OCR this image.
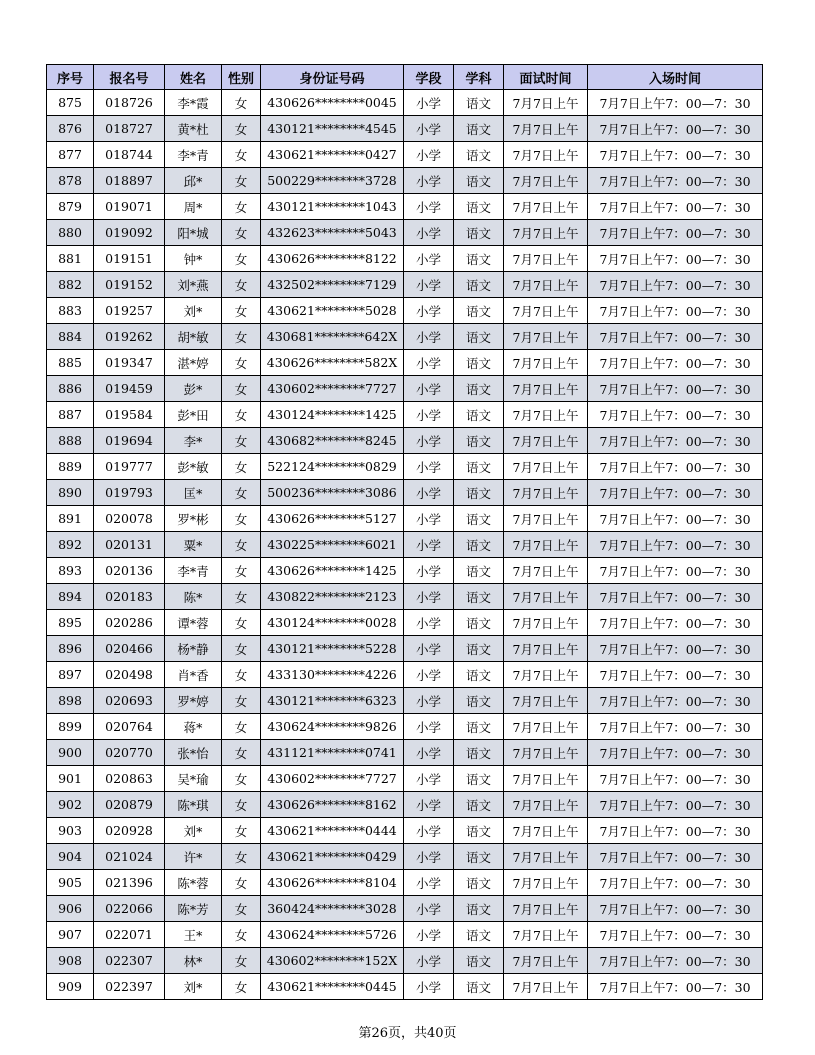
序号	报名号	姓名	性别	身份证号码	学段	学科	面试时间	入场时间
875	018726	李*霞	女	430626********0045	小学	语文	7月7日上午	7月7日上午7：00—7：30
876	018727	黄*杜	女	430121********4545	小学	语文	7月7日上午	7月7日上午7：00—7：30
877	018744	李*青	女	430621********0427	小学	语文	7月7日上午	7月7日上午7：00—7：30
878	018897	邱*	女	500229********3728	小学	语文	7月7日上午	7月7日上午7：00—7：30
879	019071	周*	女	430121********1043	小学	语文	7月7日上午	7月7日上午7：00—7：30
880	019092	阳*城	女	432623********5043	小学	语文	7月7日上午	7月7日上午7：00—7：30
881	019151	钟*	女	430626********8122	小学	语文	7月7日上午	7月7日上午7：00—7：30
882	019152	刘*燕	女	432502********7129	小学	语文	7月7日上午	7月7日上午7：00—7：30
883	019257	刘*	女	430621********5028	小学	语文	7月7日上午	7月7日上午7：00—7：30
884	019262	胡*敏	女	430681********642X	小学	语文	7月7日上午	7月7日上午7：00—7：30
885	019347	湛*婷	女	430626********582X	小学	语文	7月7日上午	7月7日上午7：00—7：30
886	019459	彭*	女	430602********7727	小学	语文	7月7日上午	7月7日上午7：00—7：30
887	019584	彭*田	女	430124********1425	小学	语文	7月7日上午	7月7日上午7：00—7：30
888	019694	李*	女	430682********8245	小学	语文	7月7日上午	7月7日上午7：00—7：30
889	019777	彭*敏	女	522124********0829	小学	语文	7月7日上午	7月7日上午7：00—7：30
890	019793	匡*	女	500236********3086	小学	语文	7月7日上午	7月7日上午7：00—7：30
891	020078	罗*彬	女	430626********5127	小学	语文	7月7日上午	7月7日上午7：00—7：30
892	020131	粟*	女	430225********6021	小学	语文	7月7日上午	7月7日上午7：00—7：30
893	020136	李*青	女	430626********1425	小学	语文	7月7日上午	7月7日上午7：00—7：30
894	020183	陈*	女	430822********2123	小学	语文	7月7日上午	7月7日上午7：00—7：30
895	020286	谭*蓉	女	430124********0028	小学	语文	7月7日上午	7月7日上午7：00—7：30
896	020466	杨*静	女	430121********5228	小学	语文	7月7日上午	7月7日上午7：00—7：30
897	020498	肖*香	女	433130********4226	小学	语文	7月7日上午	7月7日上午7：00—7：30
898	020693	罗*婷	女	430121********6323	小学	语文	7月7日上午	7月7日上午7：00—7：30
899	020764	蒋*	女	430624********9826	小学	语文	7月7日上午	7月7日上午7：00—7：30
900	020770	张*怡	女	431121********0741	小学	语文	7月7日上午	7月7日上午7：00—7：30
901	020863	吴*瑜	女	430602********7727	小学	语文	7月7日上午	7月7日上午7：00—7：30
902	020879	陈*琪	女	430626********8162	小学	语文	7月7日上午	7月7日上午7：00—7：30
903	020928	刘*	女	430621********0444	小学	语文	7月7日上午	7月7日上午7：00—7：30
904	021024	许*	女	430621********0429	小学	语文	7月7日上午	7月7日上午7：00—7：30
905	021396	陈*蓉	女	430626********8104	小学	语文	7月7日上午	7月7日上午7：00—7：30
906	022066	陈*芳	女	360424********3028	小学	语文	7月7日上午	7月7日上午7：00—7：30
907	022071	王*	女	430624********5726	小学	语文	7月7日上午	7月7日上午7：00—7：30
908	022307	林*	女	430602********152X	小学	语文	7月7日上午	7月7日上午7：00—7：30
909	022397	刘*	女	430621********0445	小学	语文	7月7日上午	7月7日上午7：00—7：30
第26页，共40页
